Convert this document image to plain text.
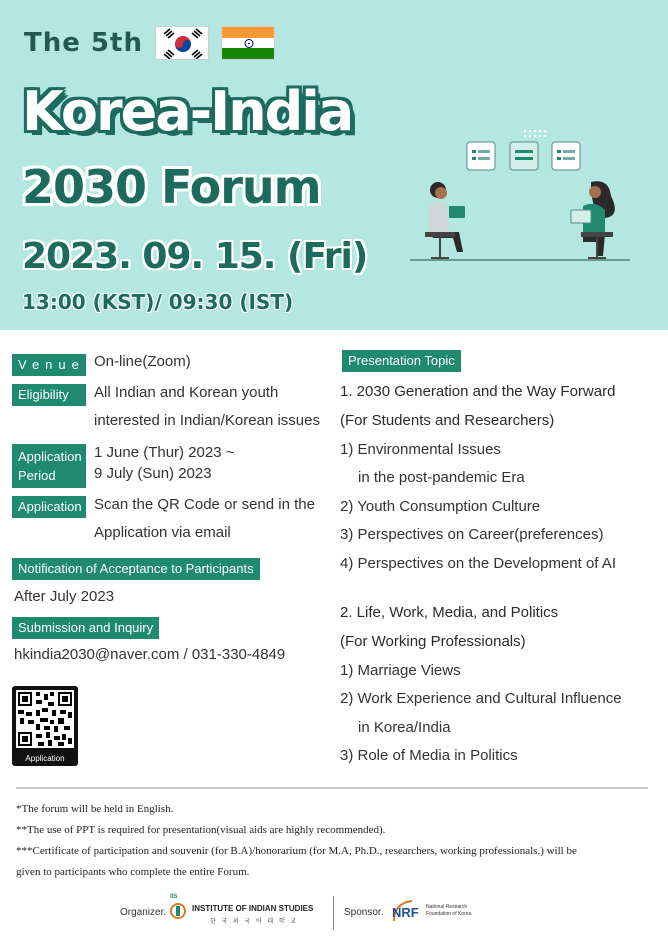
The 5th
Korea-India
2030 Forum
2023. 09. 15. (Fri)
13:00 (KST)/ 09:30 (IST)
Venue On-line(Zoom)
Eligibility	All Indian and Korean youth
interested in Indian/Korean issues
Application
Period
1 June (Thur) 2023 ~
9 July (Sun) 2023
Application Scan the QR Code or send in the
Application via email
Notification of Acceptance to Participants
After July 2023
Submission and Inquiry
hkindia2030@naver.com / 031-330-4849
Application
Presentation Topic
1. 2030 Generation and the Way Forward
(For Students and Researchers)
1) Environmental Issues
in the post-pandemic Era
2) Youth Consumption Culture
3) Perspectives on Career(preferences)
4) Perspectives on the Development of AI
2. Life, Work, Media, and Politics
(For Working Professionals)
1) Marriage Views
2) Work Experience and Cultural Influence
in Korea/India
3) Role of Media in Politics
*The forum will be held in English.
**The use of PPT is required for presentation(visual aids are highly recommended).
***Certificate of participation and souvenir (for B.A)/honorarium (for M.A, Ph.D., researchers, working professionals.) will be
given to participants who complete the entire Forum.
Organizer.
IIS
INSTITUTE OF INDIAN STUDIES
한 국 외 국 어 대 학 교
Sponsor. NRF National Research
Foundation of Korea
